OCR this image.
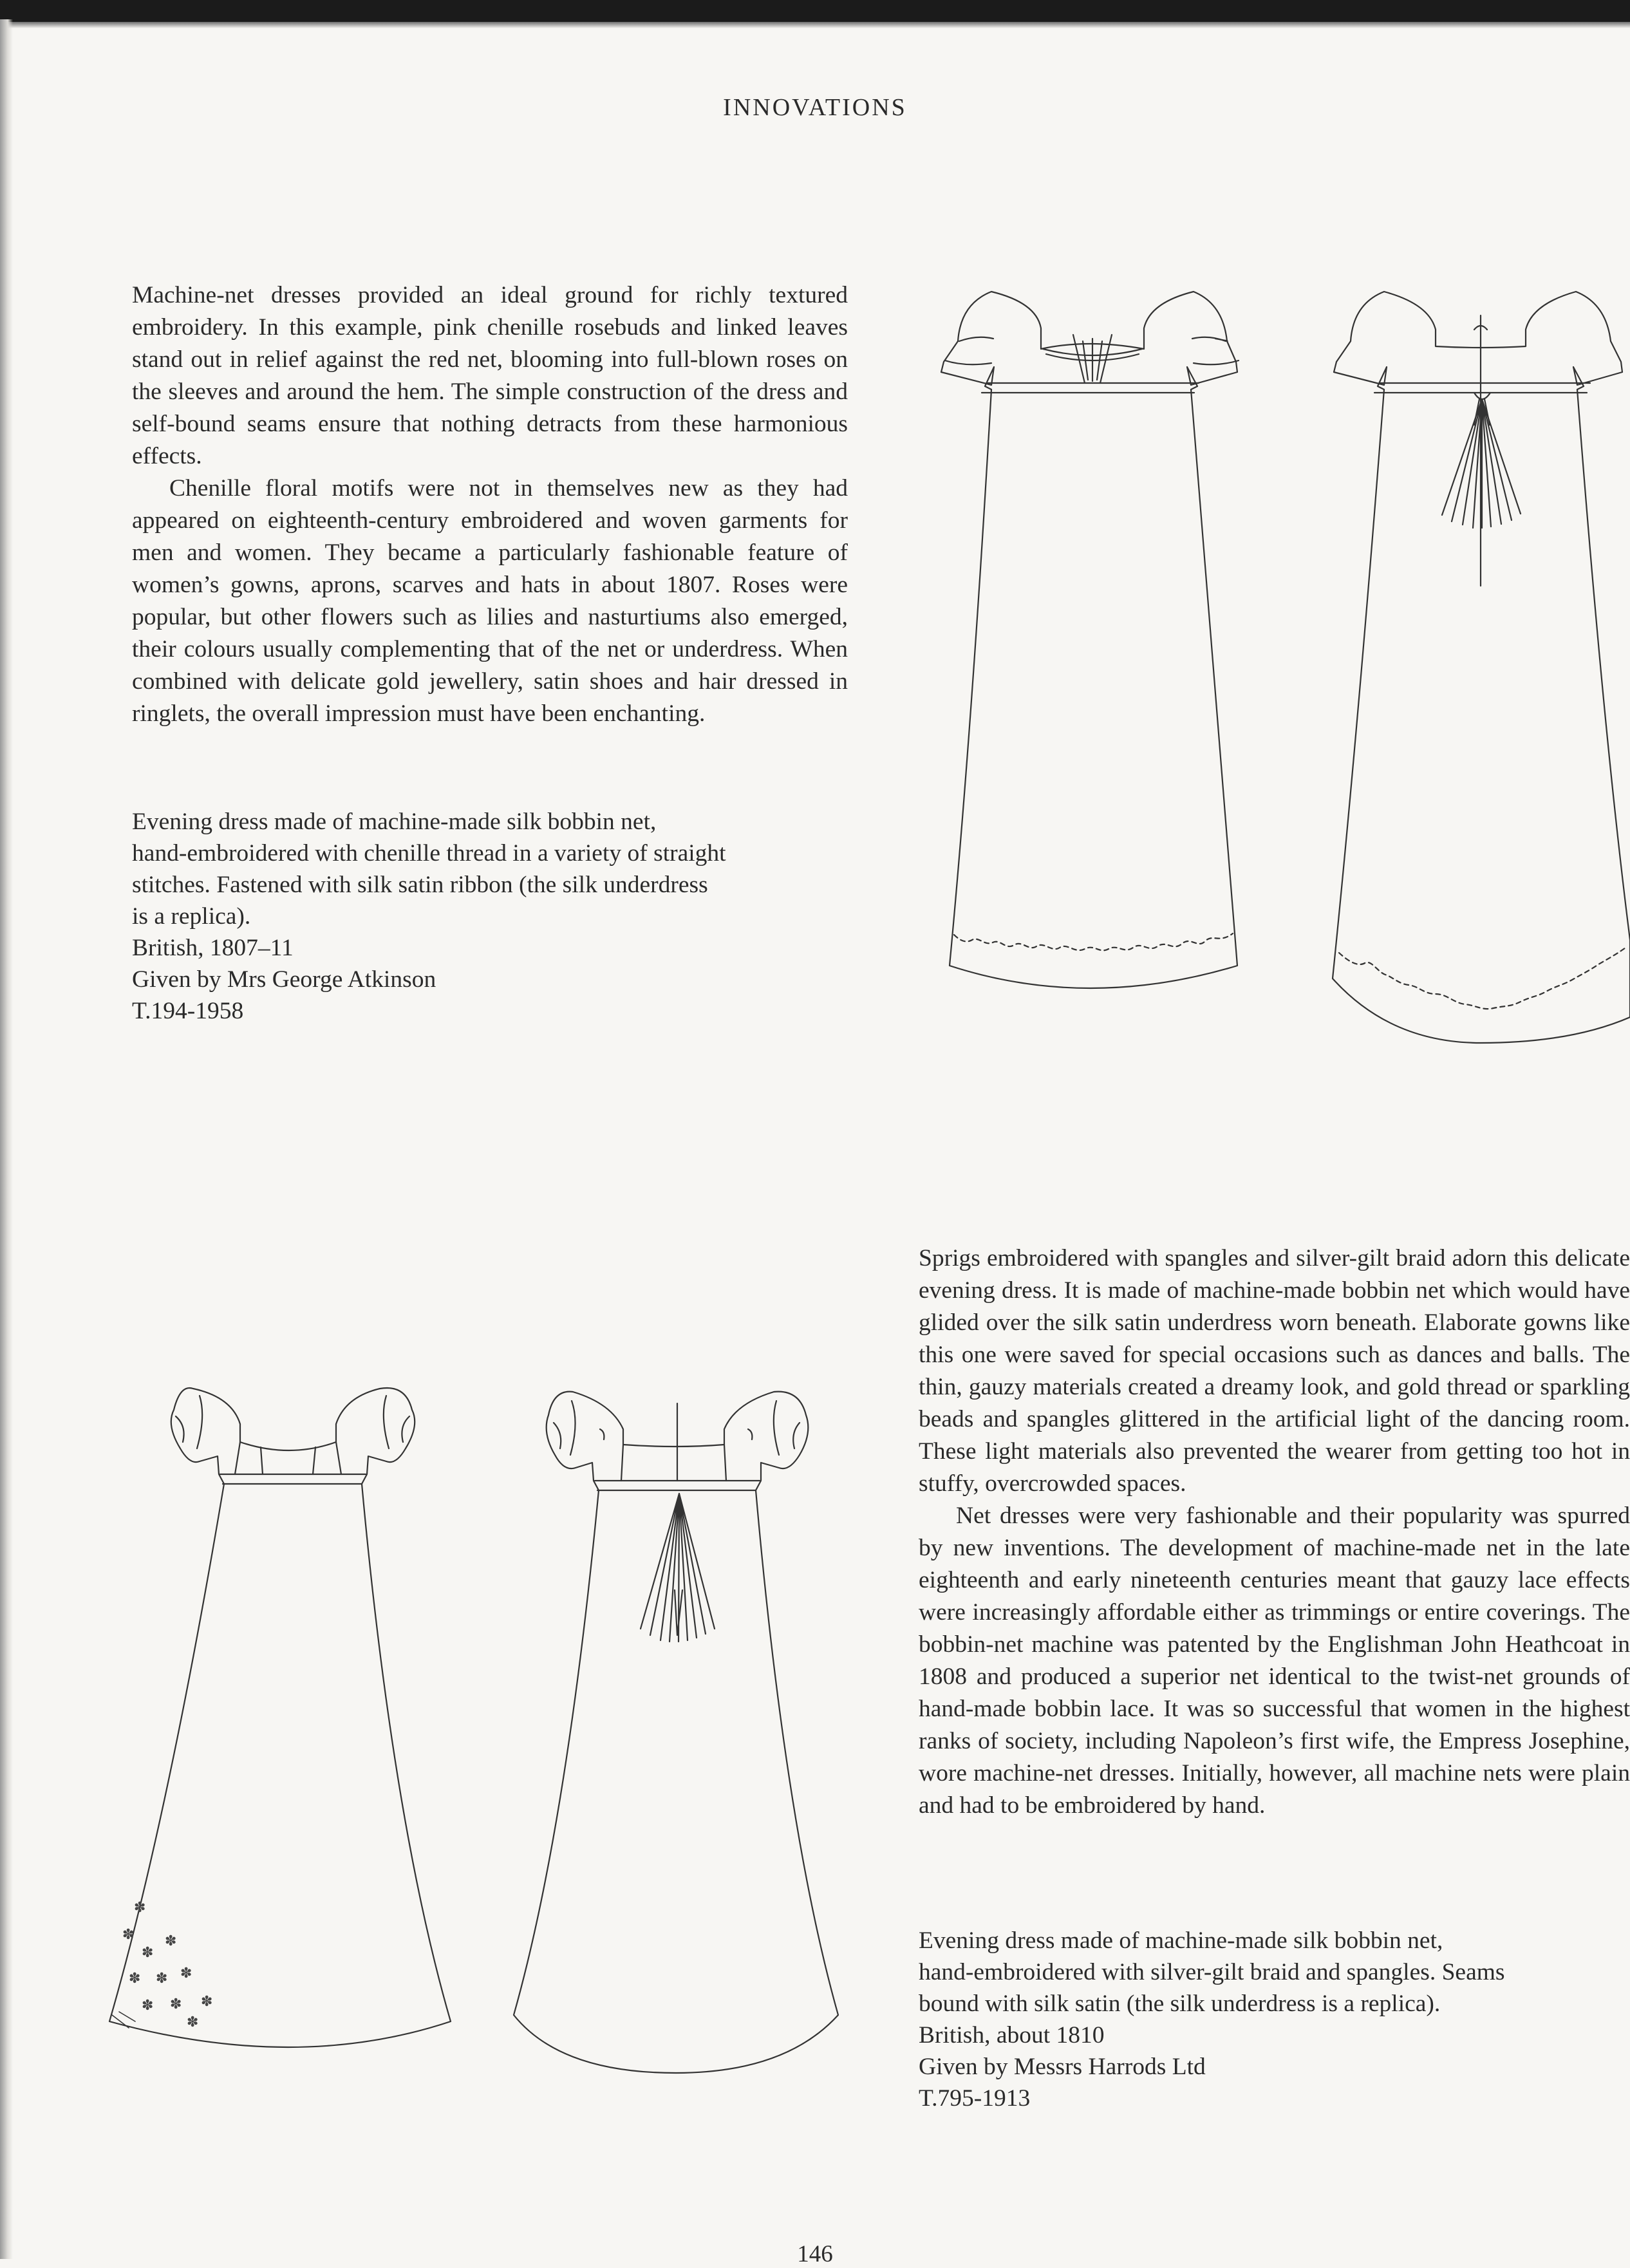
INNOVATIONS

Machine-net dresses provided an ideal ground for richly textured embroidery. In this example, pink chenille rosebuds and linked leaves stand out in relief against the red net, blooming into full-blown roses on the sleeves and around the hem. The simple construction of the dress and self-bound seams ensure that nothing detracts from these harmonious effects.

Chenille floral motifs were not in themselves new as they had appeared on eighteenth-century embroidered and woven garments for men and women. They became a particularly fashionable feature of women’s gowns, aprons, scarves and hats in about 1807. Roses were popular, but other flowers such as lilies and nasturtiums also emerged, their colours usually complementing that of the net or underdress. When combined with delicate gold jewellery, satin shoes and hair dressed in ringlets, the overall impression must have been enchanting.

Evening dress made of machine-made silk bobbin net,
hand-embroidered with chenille thread in a variety of straight
stitches. Fastened with silk satin ribbon (the silk underdress
is a replica).
British, 1807–11
Given by Mrs George Atkinson
T.194-1958
✽
✽
✽
✽
✽ ✽ ✽
✽ ✽ ✽
✽

Sprigs embroidered with spangles and silver-gilt braid adorn this delicate evening dress. It is made of machine-made bobbin net which would have glided over the silk satin underdress worn beneath. Elaborate gowns like this one were saved for special occasions such as dances and balls. The thin, gauzy materials created a dreamy look, and gold thread or sparkling beads and spangles glittered in the artificial light of the dancing room. These light materials also prevented the wearer from getting too hot in stuffy, overcrowded spaces.

Net dresses were very fashionable and their popularity was spurred by new inventions. The development of machine-made net in the late eighteenth and early nineteenth centuries meant that gauzy lace effects were increasingly affordable either as trimmings or entire coverings. The bobbin-net machine was patented by the Englishman John Heathcoat in 1808 and produced a superior net identical to the twist-net grounds of hand-made bobbin lace. It was so successful that women in the highest ranks of society, including Napoleon’s first wife, the Empress Josephine, wore machine-net dresses. Initially, however, all machine nets were plain and had to be embroidered by hand.

Evening dress made of machine-made silk bobbin net,
hand-embroidered with silver-gilt braid and spangles. Seams
bound with silk satin (the silk underdress is a replica).
British, about 1810
Given by Messrs Harrods Ltd
T.795-1913
146
